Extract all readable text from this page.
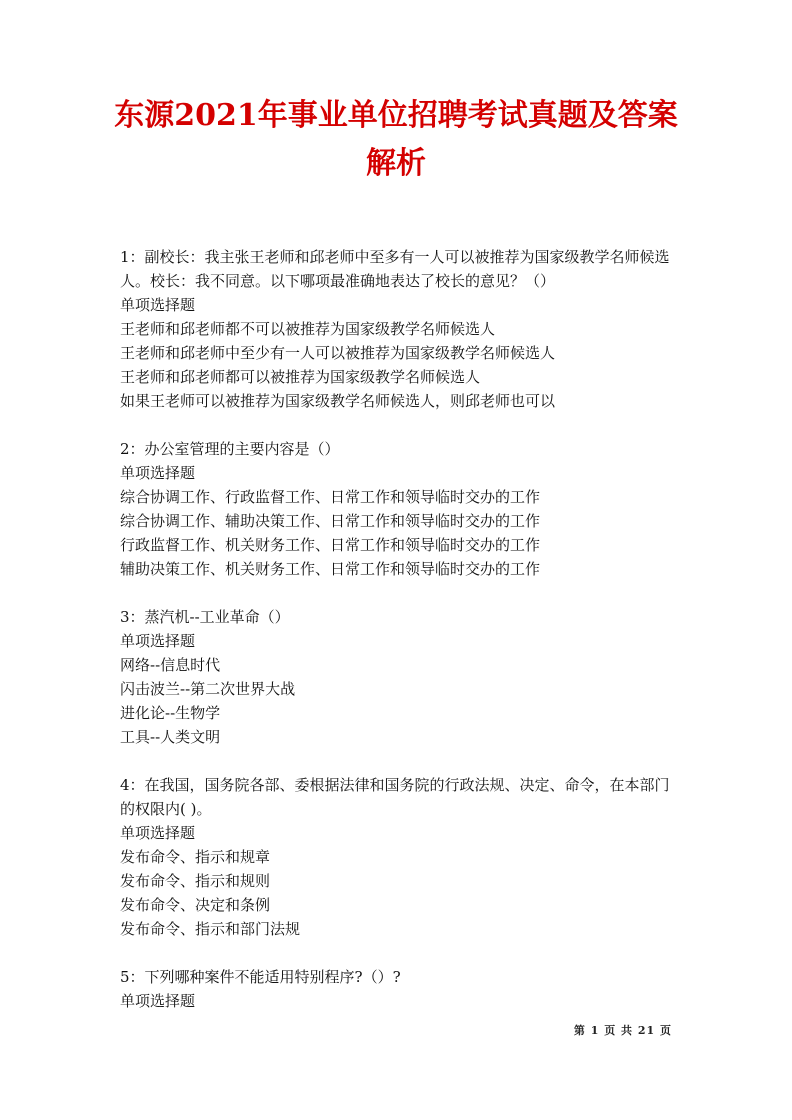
东源2021年事业单位招聘考试真题及答案
解析

1：副校长：我主张王老师和邱老师中至多有一人可以被推荐为国家级教学名师候选人。校长：我不同意。以下哪项最准确地表达了校长的意见？（）

单项选择题

王老师和邱老师都不可以被推荐为国家级教学名师候选人

王老师和邱老师中至少有一人可以被推荐为国家级教学名师候选人

王老师和邱老师都可以被推荐为国家级教学名师候选人

如果王老师可以被推荐为国家级教学名师候选人，则邱老师也可以

2：办公室管理的主要内容是（）

单项选择题

综合协调工作、行政监督工作、日常工作和领导临时交办的工作

综合协调工作、辅助决策工作、日常工作和领导临时交办的工作

行政监督工作、机关财务工作、日常工作和领导临时交办的工作

辅助决策工作、机关财务工作、日常工作和领导临时交办的工作

3：蒸汽机--工业革命（）

单项选择题

网络--信息时代

闪击波兰--第二次世界大战

进化论--生物学

工具--人类文明

4：在我国，国务院各部、委根据法律和国务院的行政法规、决定、命令，在本部门的权限内( )。

单项选择题

发布命令、指示和规章

发布命令、指示和规则

发布命令、决定和条例

发布命令、指示和部门法规

5：下列哪种案件不能适用特别程序?（）?

单项选择题

第 1 页 共 21 页
